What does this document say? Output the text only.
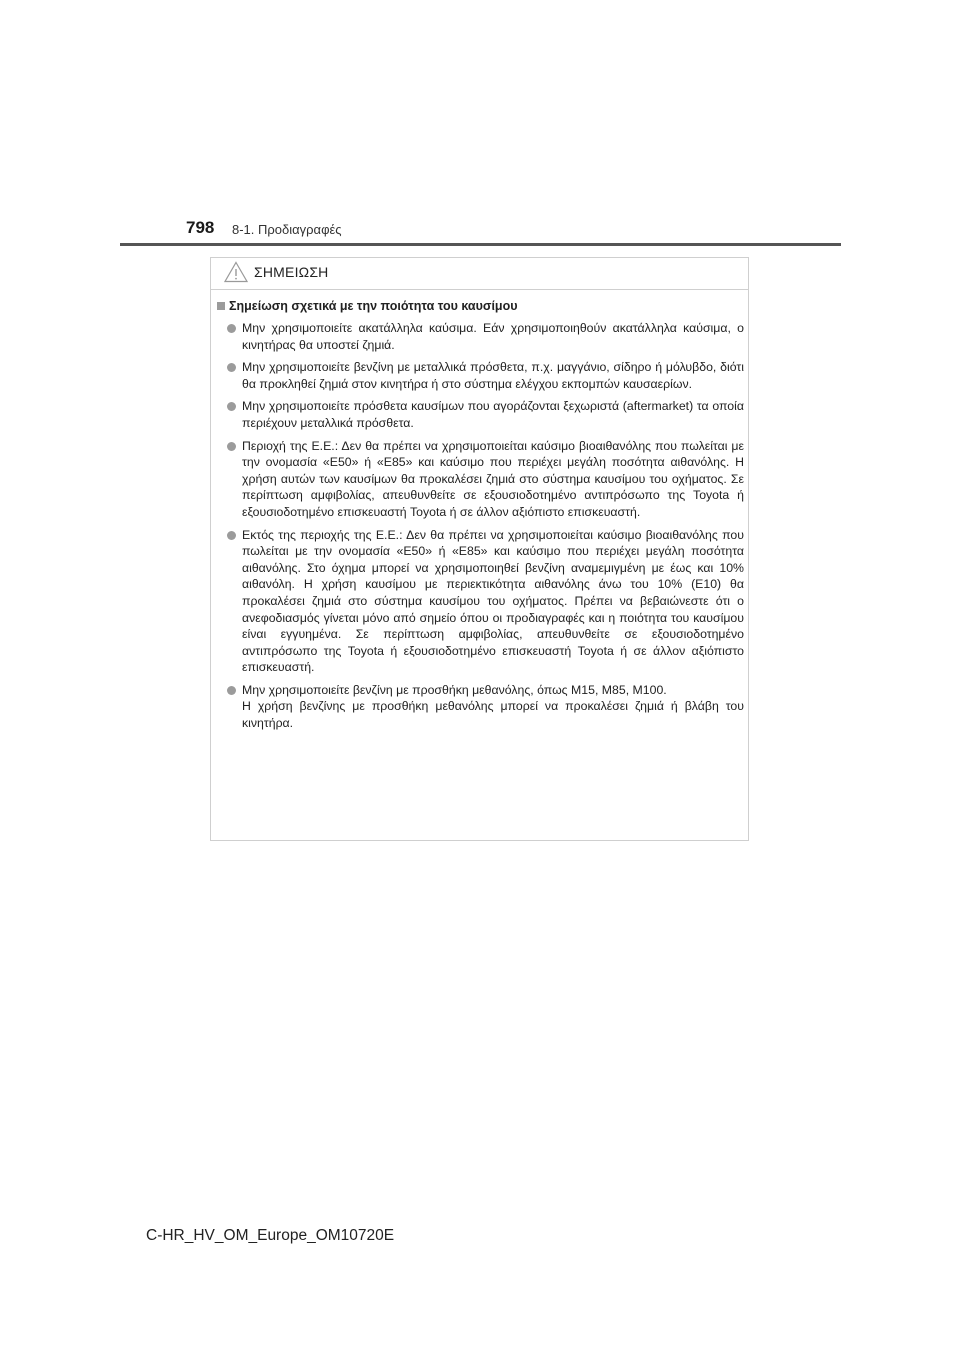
798 8-1. Προδιαγραφές
ΣΗΜΕΙΩΣΗ
Σημείωση σχετικά με την ποιότητα του καυσίμου
Μην χρησιμοποιείτε ακατάλληλα καύσιμα. Εάν χρησιμοποιηθούν ακατάλληλα καύσιμα, ο κινητήρας θα υποστεί ζημιά.
Μην χρησιμοποιείτε βενζίνη με μεταλλικά πρόσθετα, π.χ. μαγγάνιο, σίδηρο ή μόλυβδο, διότι θα προκληθεί ζημιά στον κινητήρα ή στο σύστημα ελέγχου εκπομπών καυσαερίων.
Μην χρησιμοποιείτε πρόσθετα καυσίμων που αγοράζονται ξεχωριστά (aftermarket) τα οποία περιέχουν μεταλλικά πρόσθετα.
Περιοχή της Ε.Ε.: Δεν θα πρέπει να χρησιμοποιείται καύσιμο βιοαιθανόλης που πωλείται με την ονομασία «E50» ή «E85» και καύσιμο που περιέχει μεγάλη ποσότητα αιθανόλης. Η χρήση αυτών των καυσίμων θα προκαλέσει ζημιά στο σύστημα καυσίμου του οχήματος. Σε περίπτωση αμφιβολίας, απευθυνθείτε σε εξουσιοδοτημένο αντιπρόσωπο της Toyota ή εξουσιοδοτημένο επισκευαστή Toyota ή σε άλλον αξιόπιστο επισκευαστή.
Εκτός της περιοχής της Ε.Ε.: Δεν θα πρέπει να χρησιμοποιείται καύσιμο βιοαιθανόλης που πωλείται με την ονομασία «E50» ή «E85» και καύσιμο που περιέχει μεγάλη ποσότητα αιθανόλης. Στο όχημα μπορεί να χρησιμοποιηθεί βενζίνη αναμεμιγμένη με έως και 10% αιθανόλη. Η χρήση καυσίμου με περιεκτικότητα αιθανόλης άνω του 10% (E10) θα προκαλέσει ζημιά στο σύστημα καυσίμου του οχήματος. Πρέπει να βεβαιώνεστε ότι ο ανεφοδιασμός γίνεται μόνο από σημείο όπου οι προδιαγραφές και η ποιότητα του καυσίμου είναι εγγυημένα. Σε περίπτωση αμφιβολίας, απευθυνθείτε σε εξουσιοδοτημένο αντιπρόσωπο της Toyota ή εξουσιοδοτημένο επισκευαστή Toyota ή σε άλλον αξιόπιστο επισκευαστή.
Μην χρησιμοποιείτε βενζίνη με προσθήκη μεθανόλης, όπως M15, M85, M100.
Η χρήση βενζίνης με προσθήκη μεθανόλης μπορεί να προκαλέσει ζημιά ή βλάβη του κινητήρα.
C-HR_HV_OM_Europe_OM10720E
